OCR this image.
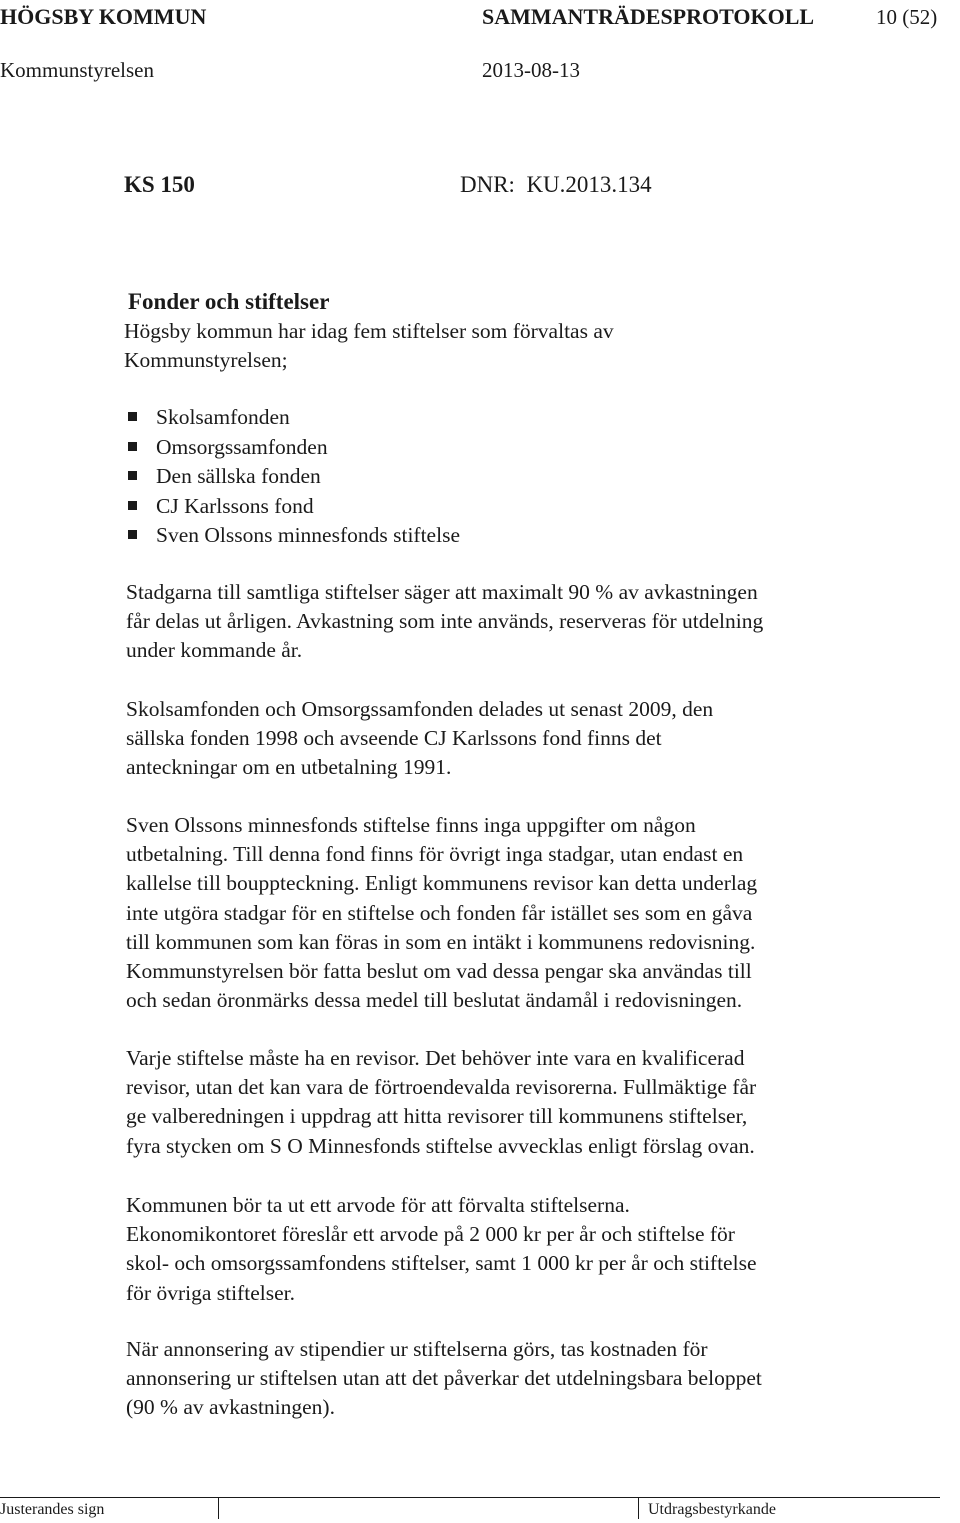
HÖGSBY KOMMUN	SAMMANTRÄDESPROTOKOLL	10 (52)
Kommunstyrelsen	2013-08-13
KS 150	DNR:  KU.2013.134
Fonder och stiftelser
Högsby kommun har idag fem stiftelser som förvaltas av
Kommunstyrelsen;
Skolsamfonden
Omsorgssamfonden
Den sällska fonden
CJ Karlssons fond
Sven Olssons minnesfonds stiftelse
Stadgarna till samtliga stiftelser säger att maximalt 90 % av avkastningen
får delas ut årligen. Avkastning som inte används, reserveras för utdelning
under kommande år.
Skolsamfonden och Omsorgssamfonden delades ut senast 2009, den
sällska fonden 1998 och avseende CJ Karlssons fond finns det
anteckningar om en utbetalning 1991.
Sven Olssons minnesfonds stiftelse finns inga uppgifter om någon
utbetalning. Till denna fond finns för övrigt inga stadgar, utan endast en
kallelse till bouppteckning. Enligt kommunens revisor kan detta underlag
inte utgöra stadgar för en stiftelse och fonden får istället ses som en gåva
till kommunen som kan föras in som en intäkt i kommunens redovisning.
Kommunstyrelsen bör fatta beslut om vad dessa pengar ska användas till
och sedan öronmärks dessa medel till beslutat ändamål i redovisningen.
Varje stiftelse måste ha en revisor. Det behöver inte vara en kvalificerad
revisor, utan det kan vara de förtroendevalda revisorerna. Fullmäktige får
ge valberedningen i uppdrag att hitta revisorer till kommunens stiftelser,
fyra stycken om S O Minnesfonds stiftelse avvecklas enligt förslag ovan.
Kommunen bör ta ut ett arvode för att förvalta stiftelserna.
Ekonomikontoret föreslår ett arvode på 2 000 kr per år och stiftelse för
skol- och omsorgssamfondens stiftelser, samt 1 000 kr per år och stiftelse
för övriga stiftelser.
När annonsering av stipendier ur stiftelserna görs, tas kostnaden för
annonsering ur stiftelsen utan att det påverkar det utdelningsbara beloppet
(90 % av avkastningen).
Justerandes sign	Utdragsbestyrkande
